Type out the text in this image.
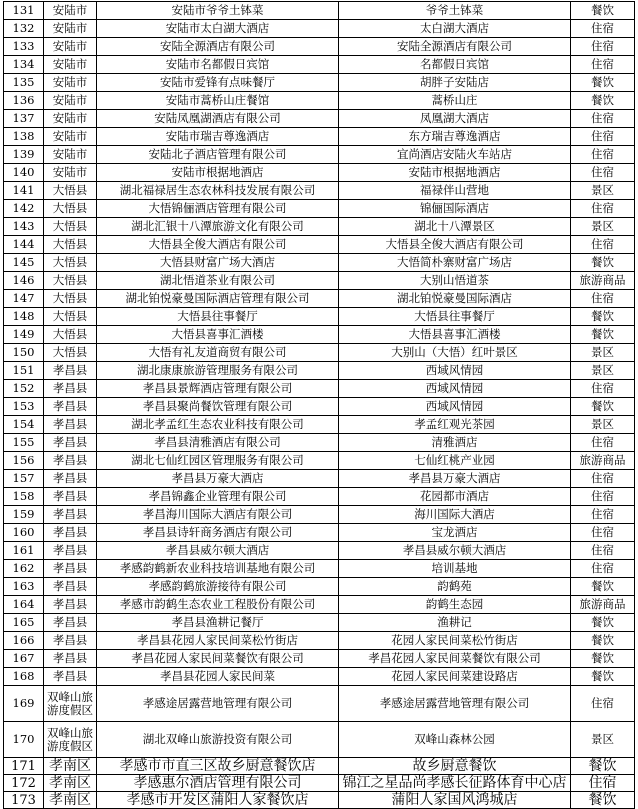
131	安陆市	安陆市爷爷土钵菜	爷爷土钵菜	餐饮
132	安陆市	安陆市太白湖大酒店	太白湖大酒店	住宿
133	安陆市	安陆全源酒店有限公司	安陆全源酒店有限公司	住宿
134	安陆市	安陆市名都假日宾馆	名都假日宾馆	住宿
135	安陆市	安陆市爱锋有点味餐厅	胡胖子安陆店	餐饮
136	安陆市	安陆市蒿桥山庄餐馆	蒿桥山庄	餐饮
137	安陆市	安陆凤凰湖酒店有限公司	凤凰湖大酒店	住宿
138	安陆市	安陆市瑞吉尊逸酒店	东方瑞吉尊逸酒店	住宿
139	安陆市	安陆北子酒店管理有限公司	宜尚酒店安陆火车站店	住宿
140	安陆市	安陆市根据地酒店	安陆市根据地酒店	住宿
141	大悟县	湖北福禄居生态农林科技发展有限公司	福禄伴山营地	景区
142	大悟县	大悟锦俪酒店管理有限公司	锦俪国际酒店	住宿
143	大悟县	湖北汇银十八潭旅游文化有限公司	湖北十八潭景区	景区
144	大悟县	大悟县全俊大酒店有限公司	大悟县全俊大酒店有限公司	住宿
145	大悟县	大悟县财富广场大酒店	大悟简朴寨财富广场店	餐饮
146	大悟县	湖北悟道茶业有限公司	大别山悟道茶	旅游商品
147	大悟县	湖北铂悦豪曼国际酒店管理有限公司	湖北铂悦豪曼国际酒店	住宿
148	大悟县	大悟县往事餐厅	大悟县往事餐厅	餐饮
149	大悟县	大悟县喜事汇酒楼	大悟县喜事汇酒楼	餐饮
150	大悟县	大悟有礼友道商贸有限公司	大别山（大悟）红叶景区	景区
151	孝昌县	湖北康康旅游管理服务有限公司	西域风情园	景区
152	孝昌县	孝昌县景辉酒店管理有限公司	西域风情园	住宿
153	孝昌县	孝昌县聚尚餐饮管理有限公司	西域风情园	餐饮
154	孝昌县	湖北孝孟红生态农业科技有限公司	孝孟红观光茶园	景区
155	孝昌县	孝昌县清雅酒店有限公司	清雅酒店	住宿
156	孝昌县	湖北七仙红园区管理服务有限公司	七仙红桃产业园	旅游商品
157	孝昌县	孝昌县万豪大酒店	孝昌县万豪大酒店	住宿
158	孝昌县	孝昌锦鑫企业管理有限公司	花园都市酒店	住宿
159	孝昌县	孝昌海川国际大酒店有限公司	海川国际大酒店	住宿
160	孝昌县	孝昌县诗轩商务酒店有限公司	宝龙酒店	住宿
161	孝昌县	孝昌县威尔顿大酒店	孝昌县威尔顿大酒店	住宿
162	孝昌县	孝感韵鹤新农业科技培训基地有限公司	培训基地	住宿
163	孝昌县	孝感韵鹤旅游接待有限公司	韵鹤苑	餐饮
164	孝昌县	孝感市韵鹤生态农业工程股份有限公司	韵鹤生态园	旅游商品
165	孝昌县	孝昌县渔耕记餐厅	渔耕记	餐饮
166	孝昌县	孝昌县花园人家民间菜松竹街店	花园人家民间菜松竹街店	餐饮
167	孝昌县	孝昌花园人家民间菜餐饮有限公司	孝昌花园人家民间菜餐饮有限公司	餐饮
168	孝昌县	孝昌县花园人家民间菜	花园人家民间菜建设路店	餐饮
169	双峰山旅游度假区	孝感途居露营地管理有限公司	孝感途居露营地管理有限公司	住宿
170	双峰山旅游度假区	湖北双峰山旅游投资有限公司	双峰山森林公园	景区
171	孝南区	孝感市市直三区故乡厨意餐饮店	故乡厨意餐饮	餐饮
172	孝南区	孝感惠尔酒店管理有限公司	锦江之星品尚孝感长征路体育中心店	住宿
173	孝南区	孝感市开发区蒲阳人家餐饮店	蒲阳人家国风鸿城店	餐饮
